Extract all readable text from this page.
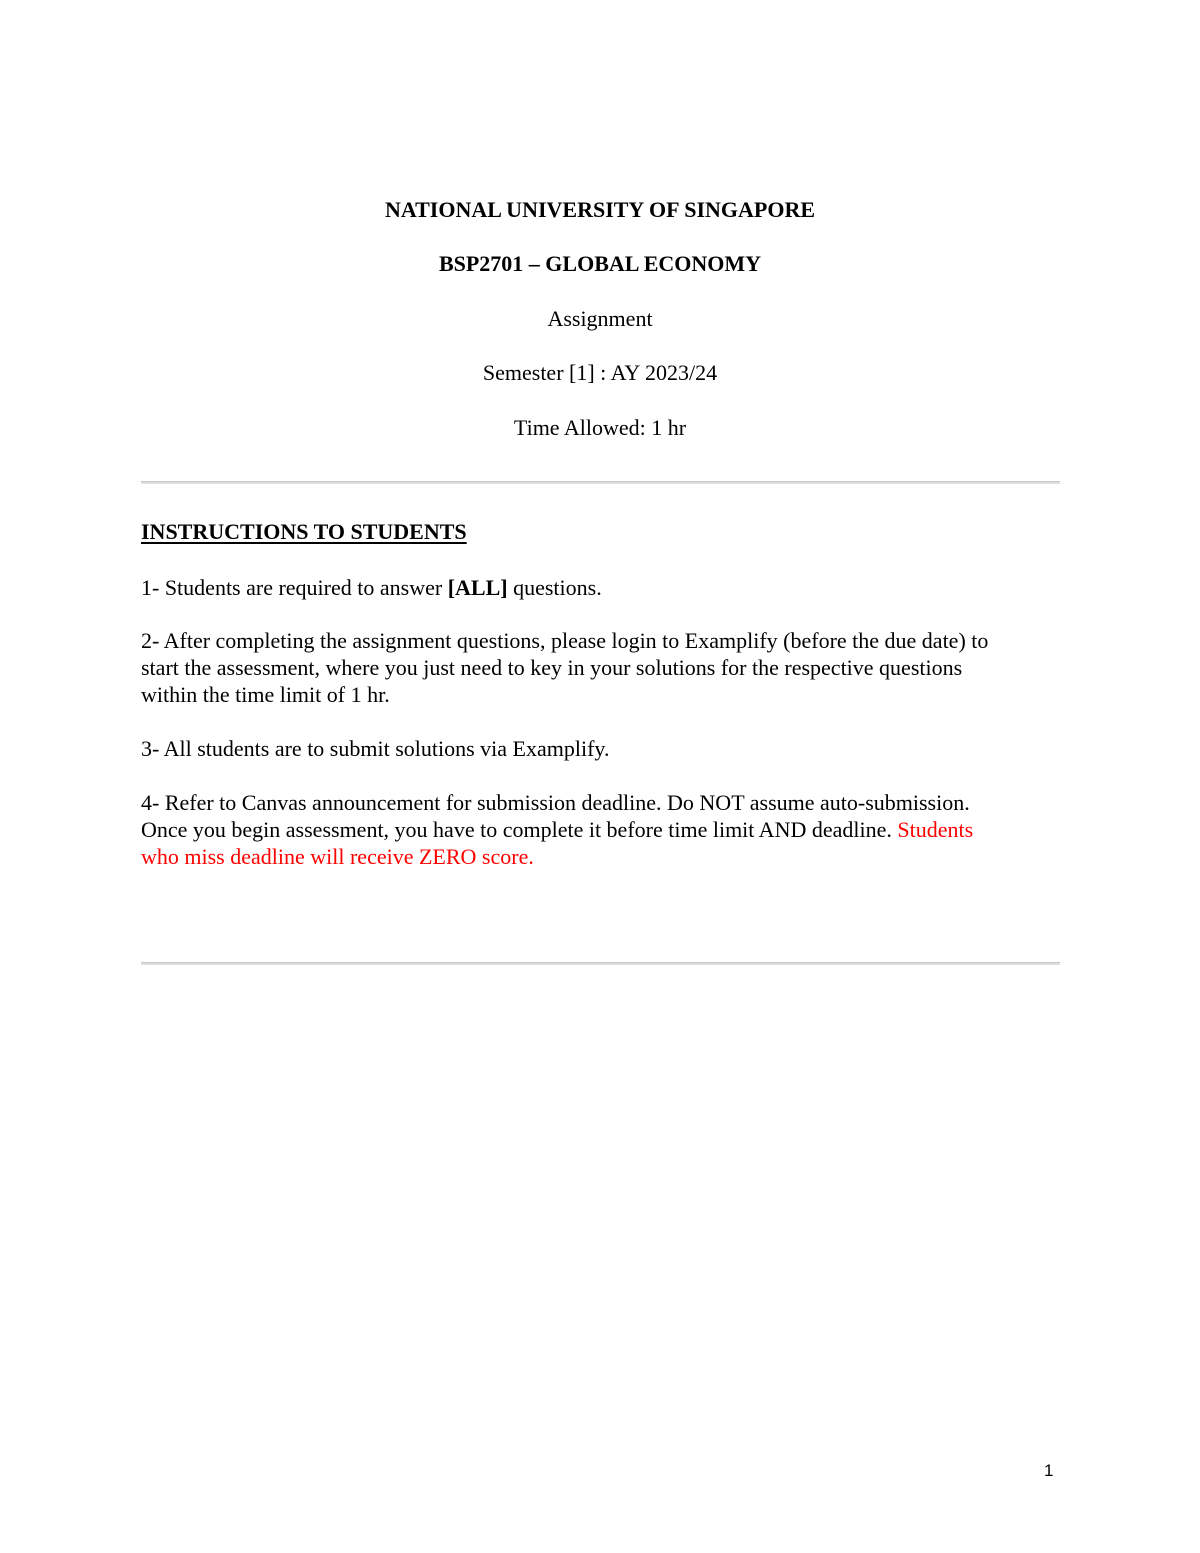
NATIONAL UNIVERSITY OF SINGAPORE
BSP2701 – GLOBAL ECONOMY
Assignment
Semester [1] : AY 2023/24
Time Allowed: 1 hr
INSTRUCTIONS TO STUDENTS
1- Students are required to answer [ALL] questions.
2- After completing the assignment questions, please login to Examplify (before the due date) to
start the assessment, where you just need to key in your solutions for the respective questions
within the time limit of 1 hr.
3- All students are to submit solutions via Examplify.
4- Refer to Canvas announcement for submission deadline. Do NOT assume auto-submission.
Once you begin assessment, you have to complete it before time limit AND deadline. Students
who miss deadline will receive ZERO score.
1
